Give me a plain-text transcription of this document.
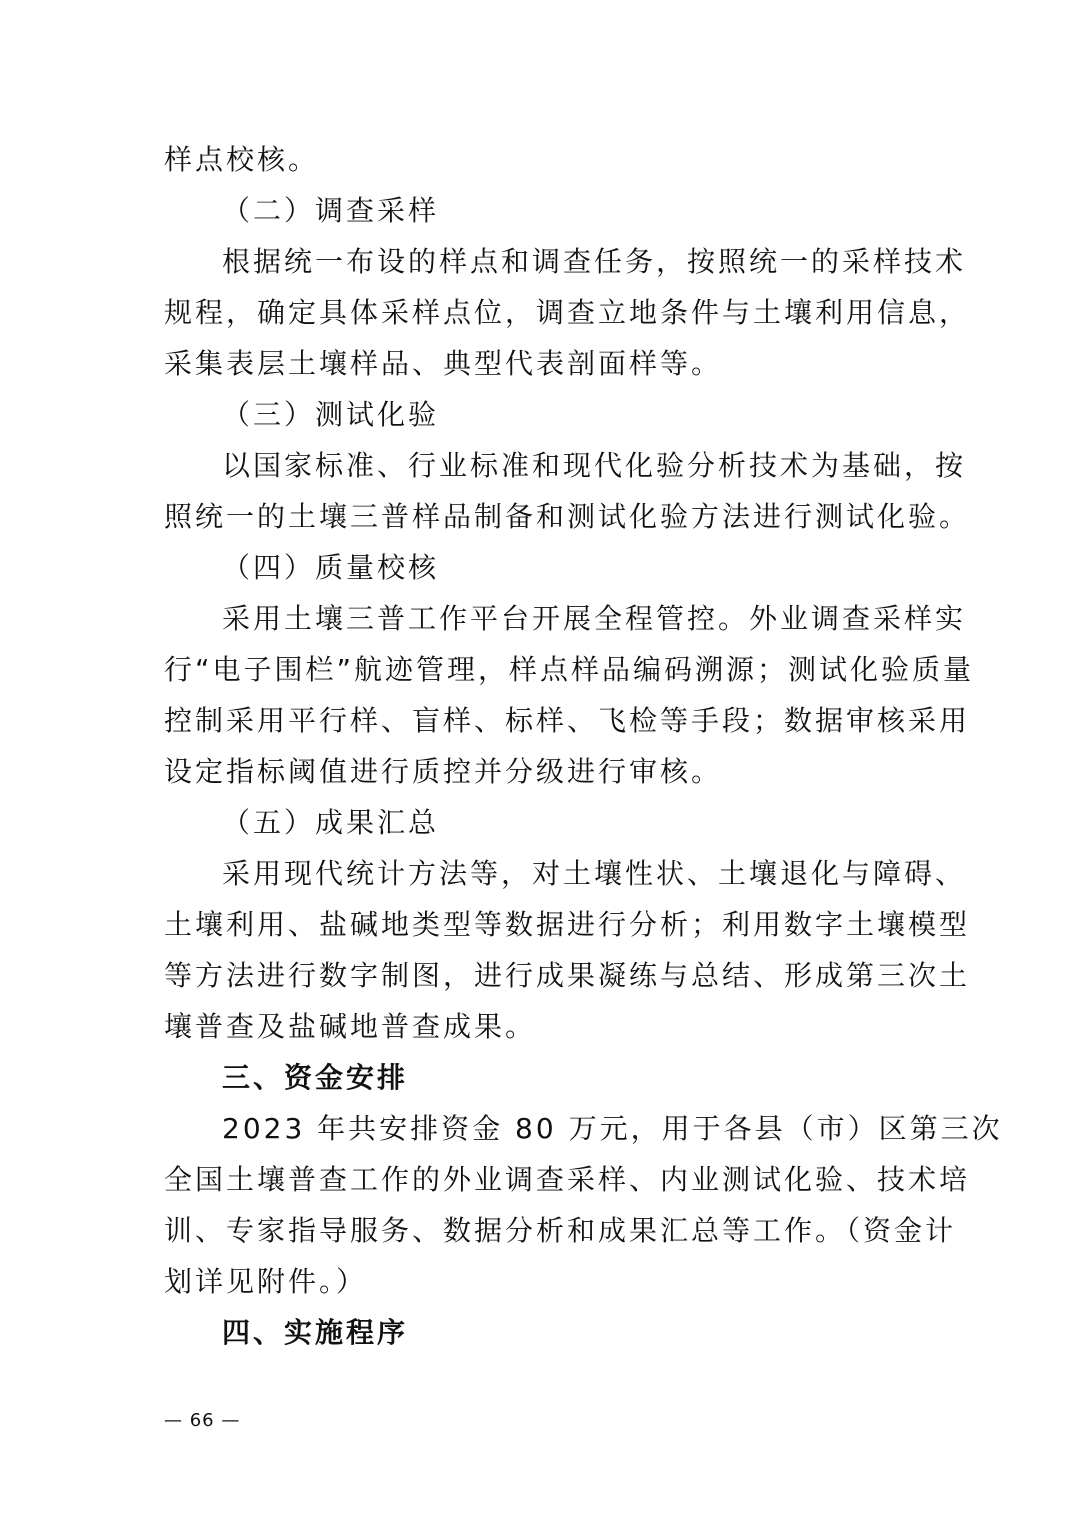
样点校核。
（二）调查采样
根据统一布设的样点和调查任务，按照统一的采样技术
规程，确定具体采样点位，调查立地条件与土壤利用信息，
采集表层土壤样品、典型代表剖面样等。
（三）测试化验
以国家标准、行业标准和现代化验分析技术为基础，按
照统一的土壤三普样品制备和测试化验方法进行测试化验。
（四）质量校核
采用土壤三普工作平台开展全程管控。外业调查采样实
行“电子围栏”航迹管理，样点样品编码溯源；测试化验质量
控制采用平行样、盲样、标样、飞检等手段；数据审核采用
设定指标阈值进行质控并分级进行审核。
（五）成果汇总
采用现代统计方法等，对土壤性状、土壤退化与障碍、
土壤利用、盐碱地类型等数据进行分析；利用数字土壤模型
等方法进行数字制图，进行成果凝练与总结、形成第三次土
壤普查及盐碱地普查成果。
三、资金安排
2023 年共安排资金 80 万元，用于各县（市）区第三次
全国土壤普查工作的外业调查采样、内业测试化验、技术培
训、专家指导服务、数据分析和成果汇总等工作。（资金计
划详见附件。）
四、实施程序
— 66 —
